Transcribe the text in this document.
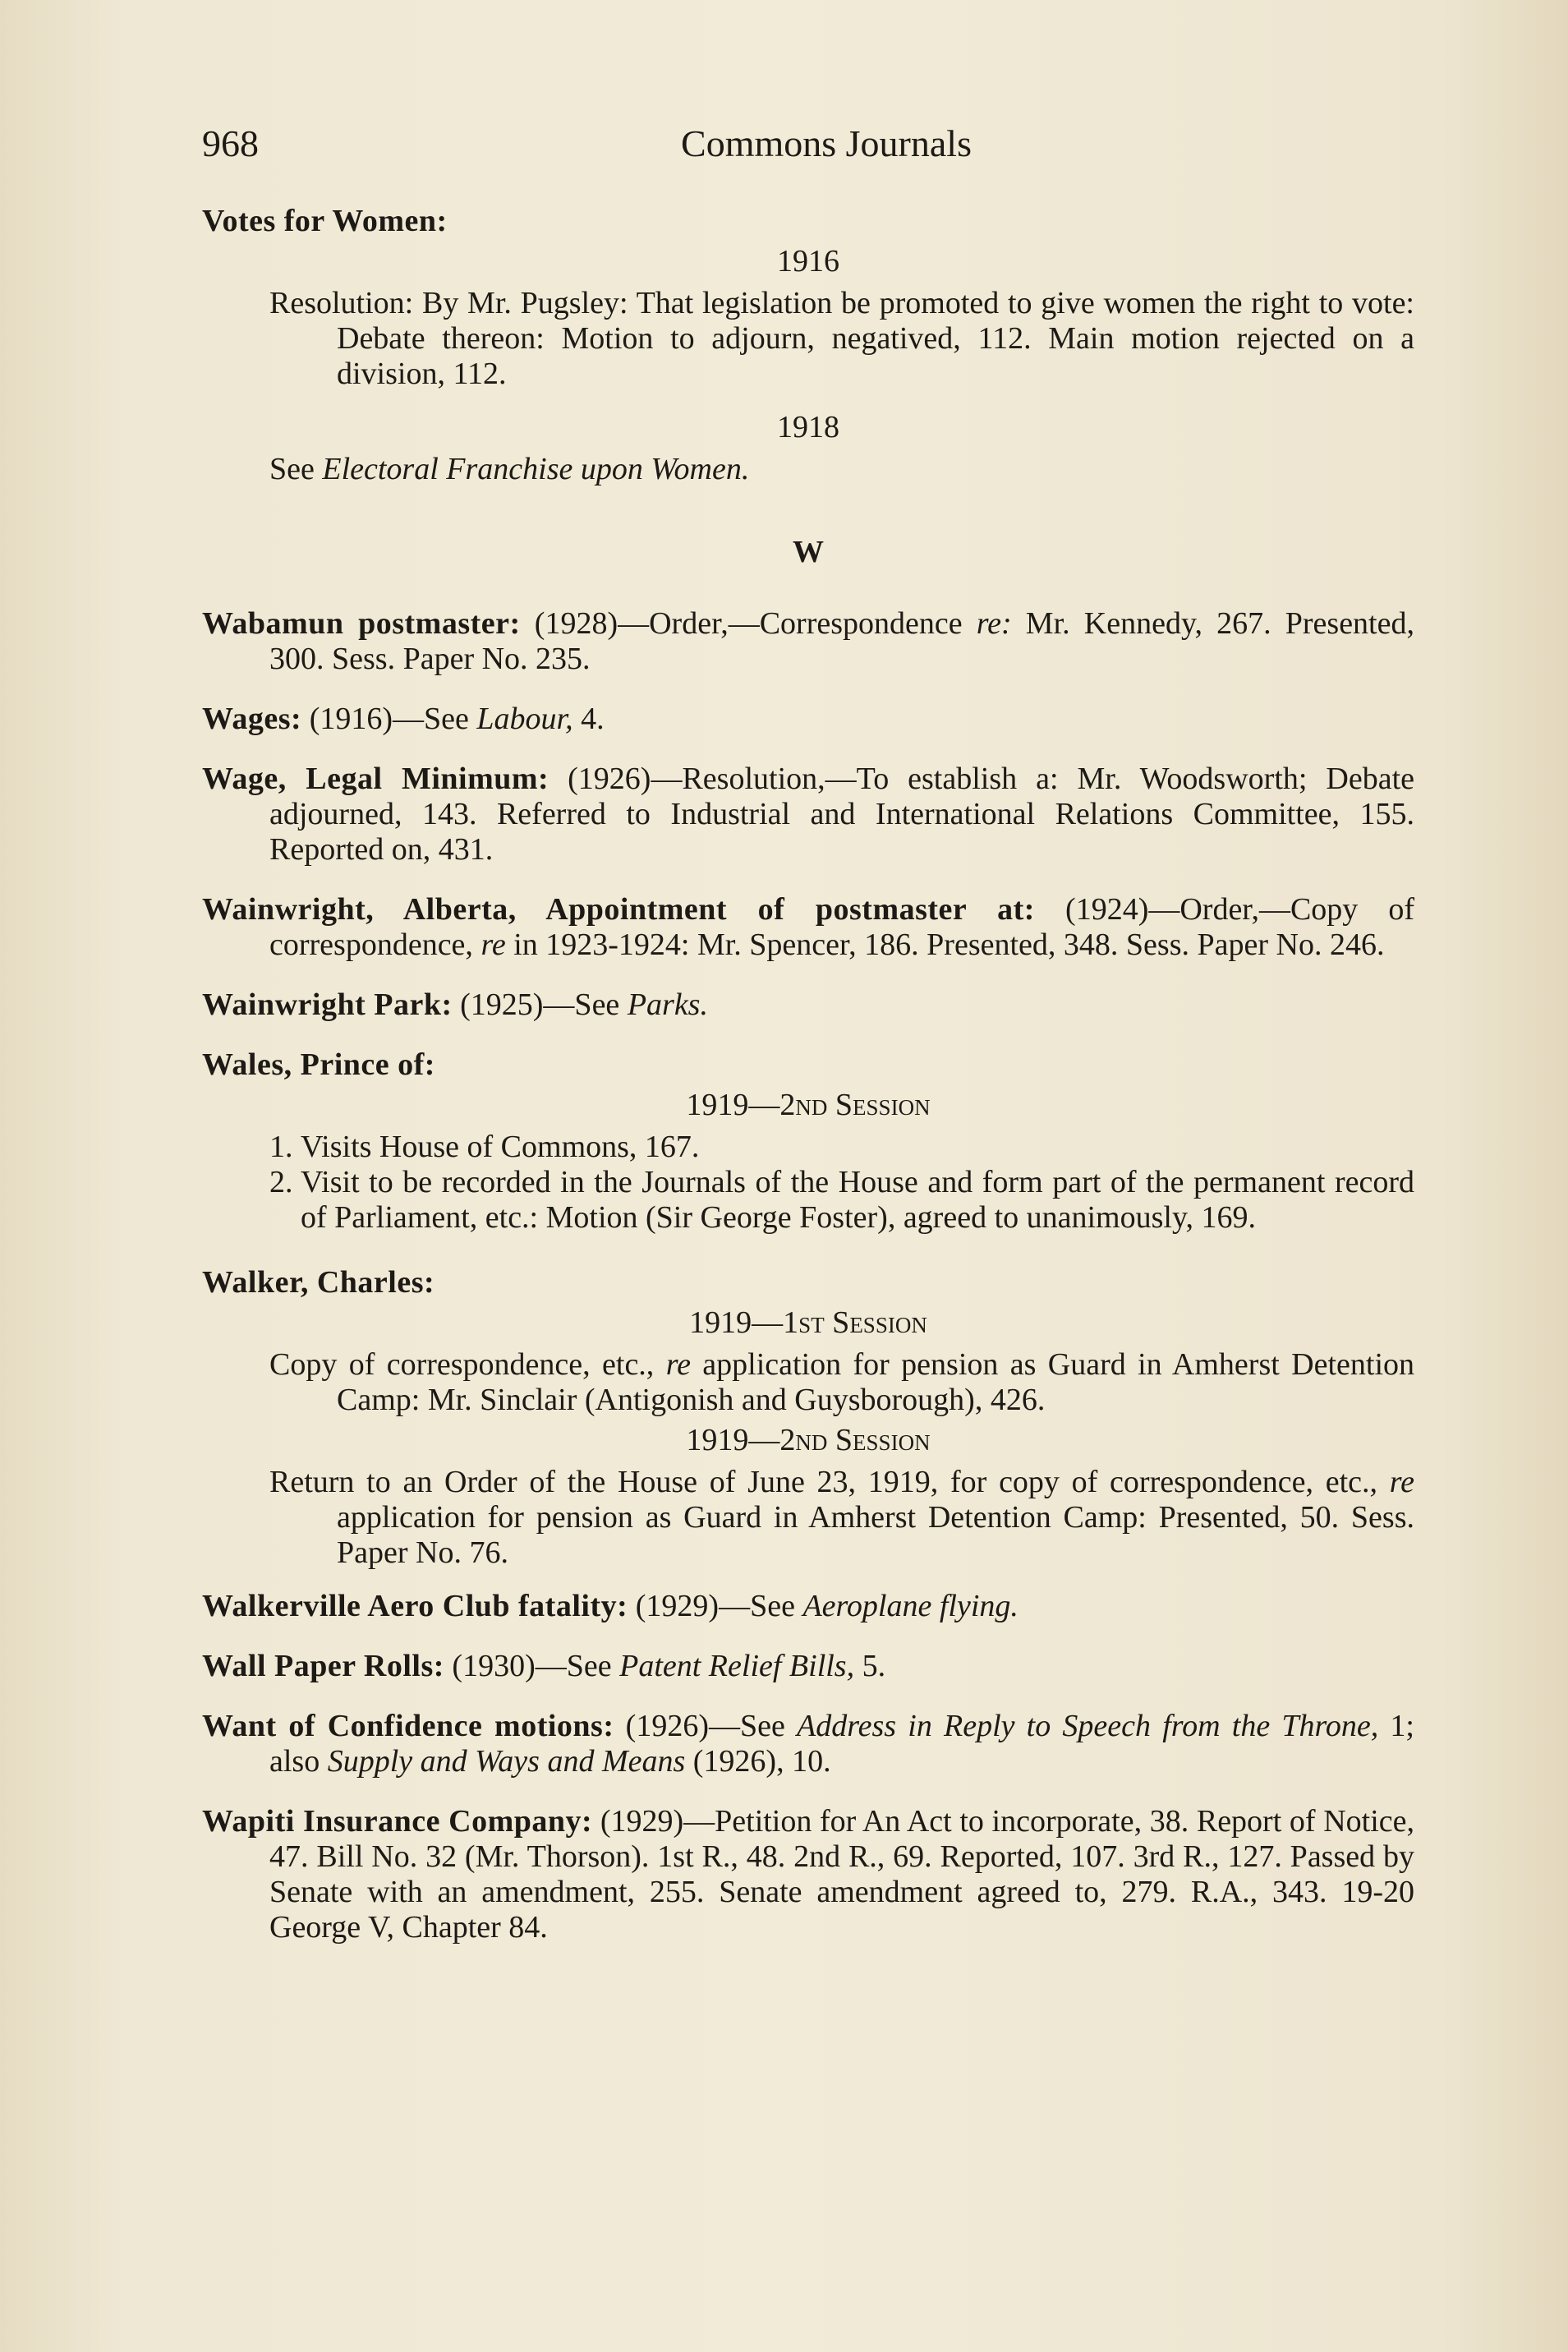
968	Commons Journals
Votes for Women:
1916
Resolution: By Mr. Pugsley: That legislation be promoted to give women the right to vote: Debate thereon: Motion to adjourn, negatived, 112. Main motion rejected on a division, 112.
1918
See Electoral Franchise upon Women.
W
Wabamun postmaster: (1928)—Order,—Correspondence re: Mr. Kennedy, 267. Presented, 300. Sess. Paper No. 235.
Wages: (1916)—See Labour, 4.
Wage, Legal Minimum: (1926)—Resolution,—To establish a: Mr. Woodsworth; Debate adjourned, 143. Referred to Industrial and International Relations Committee, 155. Reported on, 431.
Wainwright, Alberta, Appointment of postmaster at: (1924)—Order,—Copy of correspondence, re in 1923-1924: Mr. Spencer, 186. Presented, 348. Sess. Paper No. 246.
Wainwright Park: (1925)—See Parks.
Wales, Prince of:
1919—2nd Session
1. Visits House of Commons, 167.
2. Visit to be recorded in the Journals of the House and form part of the permanent record of Parliament, etc.: Motion (Sir George Foster), agreed to unanimously, 169.
Walker, Charles:
1919—1st Session
Copy of correspondence, etc., re application for pension as Guard in Amherst Detention Camp: Mr. Sinclair (Antigonish and Guysborough), 426.
1919—2nd Session
Return to an Order of the House of June 23, 1919, for copy of correspondence, etc., re application for pension as Guard in Amherst Detention Camp: Presented, 50. Sess. Paper No. 76.
Walkerville Aero Club fatality: (1929)—See Aeroplane flying.
Wall Paper Rolls: (1930)—See Patent Relief Bills, 5.
Want of Confidence motions: (1926)—See Address in Reply to Speech from the Throne, 1; also Supply and Ways and Means (1926), 10.
Wapiti Insurance Company: (1929)—Petition for An Act to incorporate, 38. Report of Notice, 47. Bill No. 32 (Mr. Thorson). 1st R., 48. 2nd R., 69. Reported, 107. 3rd R., 127. Passed by Senate with an amendment, 255. Senate amendment agreed to, 279. R.A., 343. 19-20 George V, Chapter 84.
